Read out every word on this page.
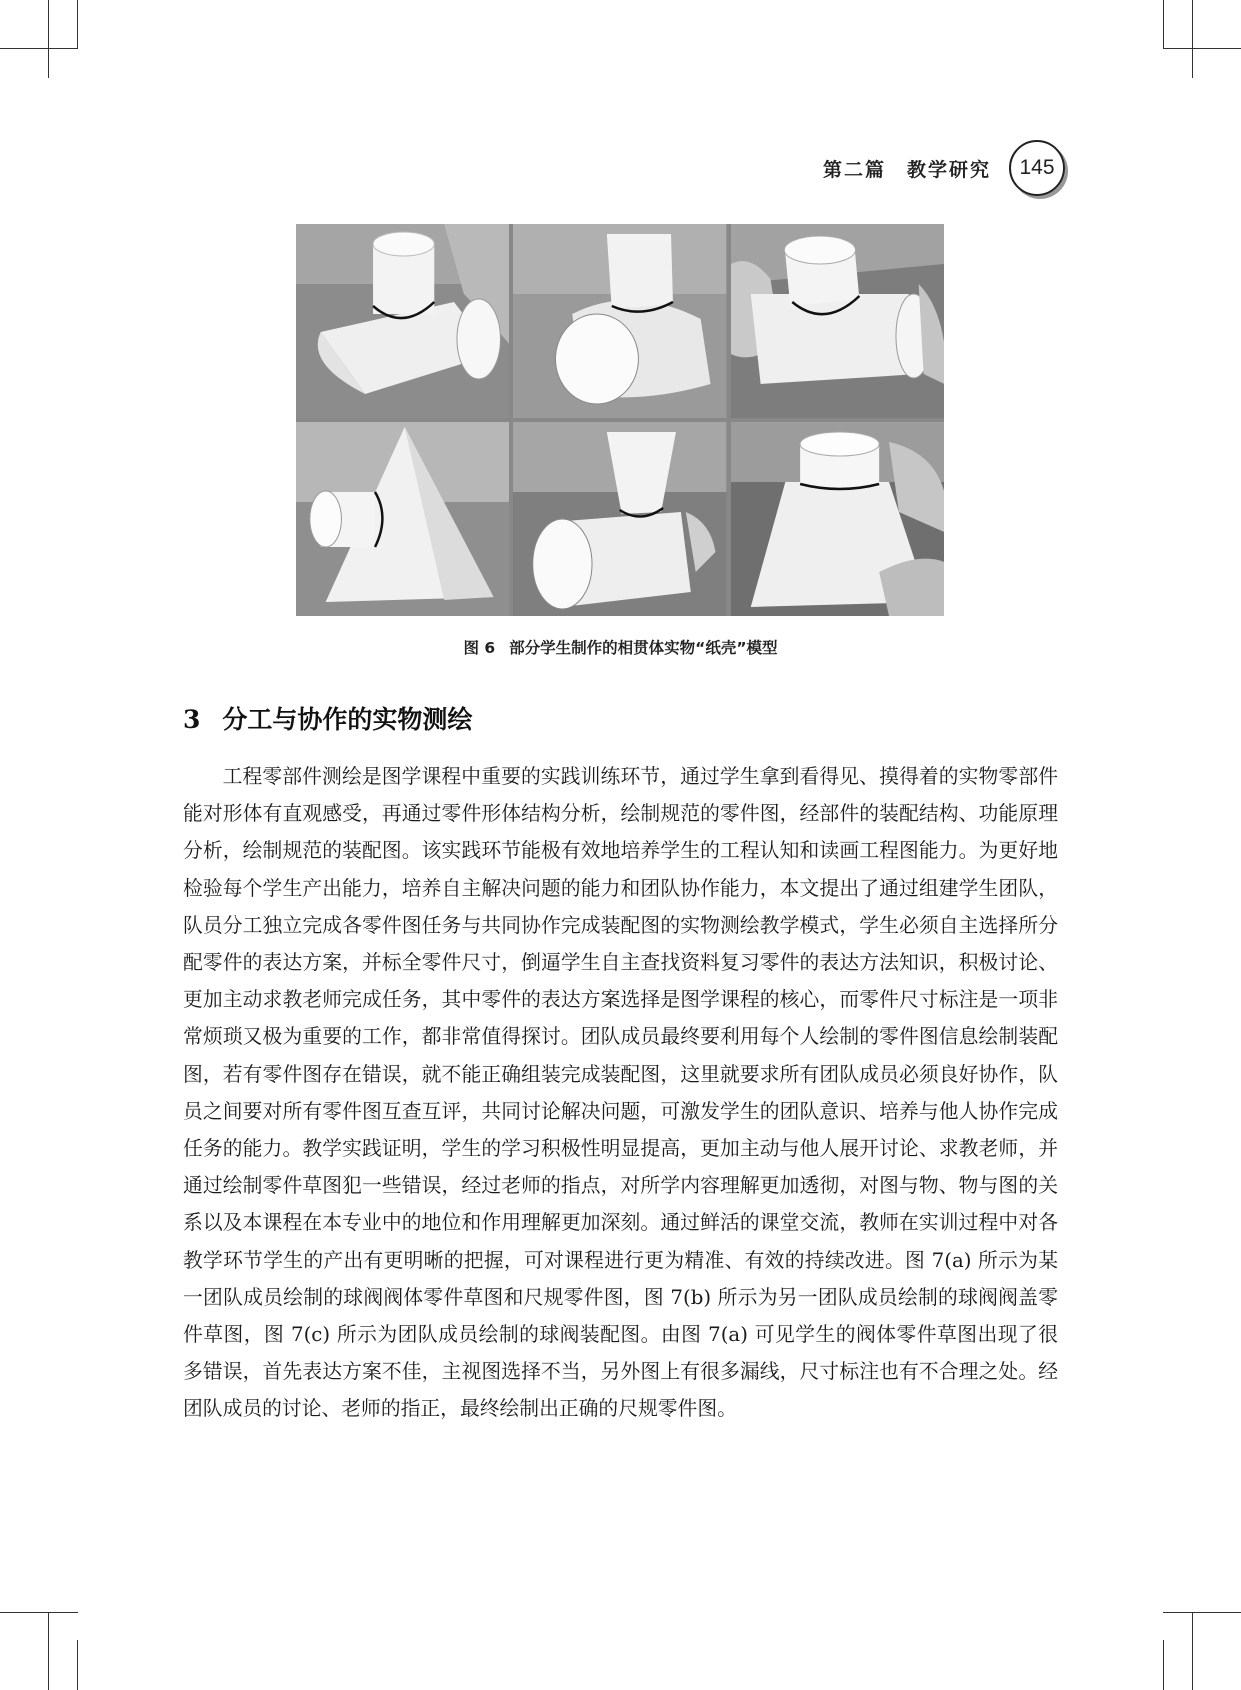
第二篇　教学研究	145
图 6 部分学生制作的相贯体实物“纸壳”模型
3 分工与协作的实物测绘

工程零部件测绘是图学课程中重要的实践训练环节，通过学生拿到看得见、摸得着的实物零部件能对形体有直观感受，再通过零件形体结构分析，绘制规范的零件图，经部件的装配结构、功能原理分析，绘制规范的装配图。该实践环节能极有效地培养学生的工程认知和读画工程图能力。为更好地检验每个学生产出能力，培养自主解决问题的能力和团队协作能力，本文提出了通过组建学生团队，队员分工独立完成各零件图任务与共同协作完成装配图的实物测绘教学模式，学生必须自主选择所分配零件的表达方案，并标全零件尺寸，倒逼学生自主查找资料复习零件的表达方法知识，积极讨论、更加主动求教老师完成任务，其中零件的表达方案选择是图学课程的核心，而零件尺寸标注是一项非常烦琐又极为重要的工作，都非常值得探讨。团队成员最终要利用每个人绘制的零件图信息绘制装配图，若有零件图存在错误，就不能正确组装完成装配图，这里就要求所有团队成员必须良好协作，队员之间要对所有零件图互查互评，共同讨论解决问题，可激发学生的团队意识、培养与他人协作完成任务的能力。教学实践证明，学生的学习积极性明显提高，更加主动与他人展开讨论、求教老师，并通过绘制零件草图犯一些错误，经过老师的指点，对所学内容理解更加透彻，对图与物、物与图的关系以及本课程在本专业中的地位和作用理解更加深刻。通过鲜活的课堂交流，教师在实训过程中对各教学环节学生的产出有更明晰的把握，可对课程进行更为精准、有效的持续改进。图 7(a) 所示为某一团队成员绘制的球阀阀体零件草图和尺规零件图，图 7(b) 所示为另一团队成员绘制的球阀阀盖零件草图，图 7(c) 所示为团队成员绘制的球阀装配图。由图 7(a) 可见学生的阀体零件草图出现了很多错误，首先表达方案不佳，主视图选择不当，另外图上有很多漏线，尺寸标注也有不合理之处。经团队成员的讨论、老师的指正，最终绘制出正确的尺规零件图。
